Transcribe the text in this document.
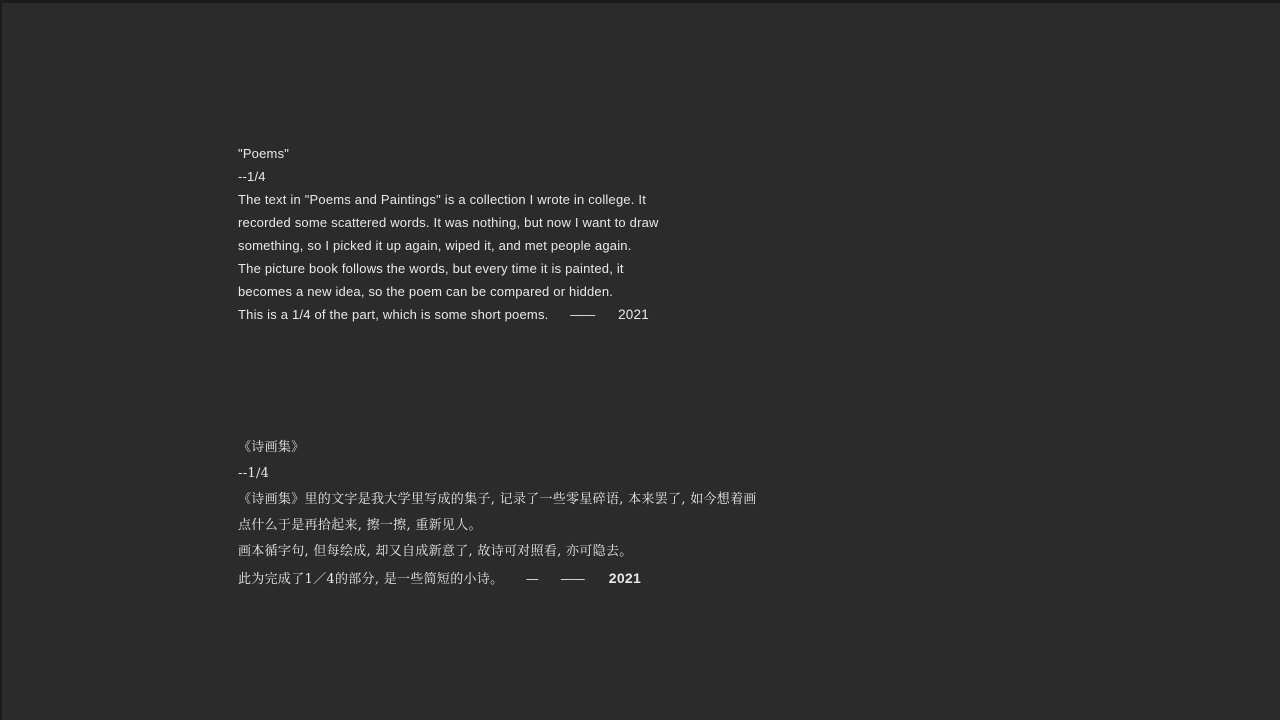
"Poems"
--1/4
The text in "Poems and Paintings" is a collection I wrote in college. It
recorded some scattered words. It was nothing, but now I want to draw
something, so I picked it up again, wiped it, and met people again.
The picture book follows the words, but every time it is painted, it
becomes a new idea, so the poem can be compared or hidden.
This is a 1/4 of the part, which is some short poems. —— 2021
《诗画集》
--1/4
《诗画集》里的文字是我大学里写成的集子, 记录了一些零星碎语, 本来罢了, 如今想着画
点什么于是再拾起来, 擦一擦, 重新见人。
画本循字句, 但每绘成, 却又自成新意了, 故诗可对照看, 亦可隐去。
此为完成了1／4的部分, 是一些简短的小诗。 — —— 2021
